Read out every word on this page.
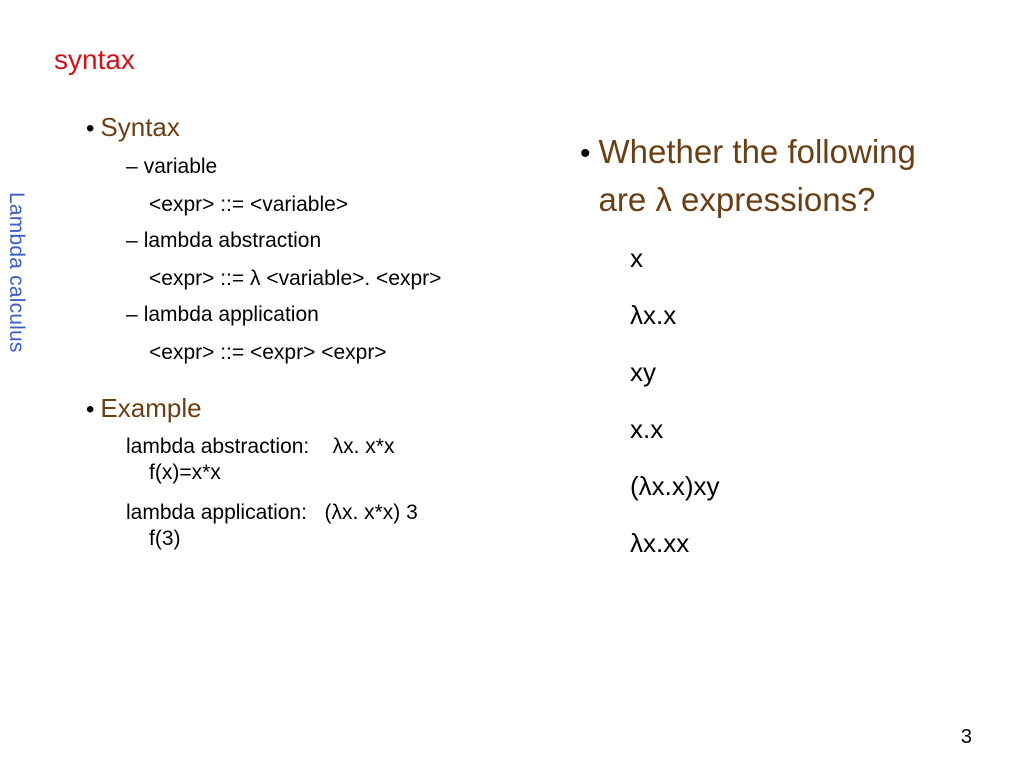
Lambda calculus
syntax
• Syntax
– variable
<expr> ::= <variable>
– lambda abstraction
<expr> ::= λ <variable>. <expr>
– lambda application
<expr> ::= <expr> <expr>
• Example
lambda abstraction:    λx. x*x
f(x)=x*x
lambda application:   (λx. x*x) 3
f(3)
• Whether the following
are λ expressions?
x
λx.x
xy
x.x
(λx.x)xy
λx.xx
3
